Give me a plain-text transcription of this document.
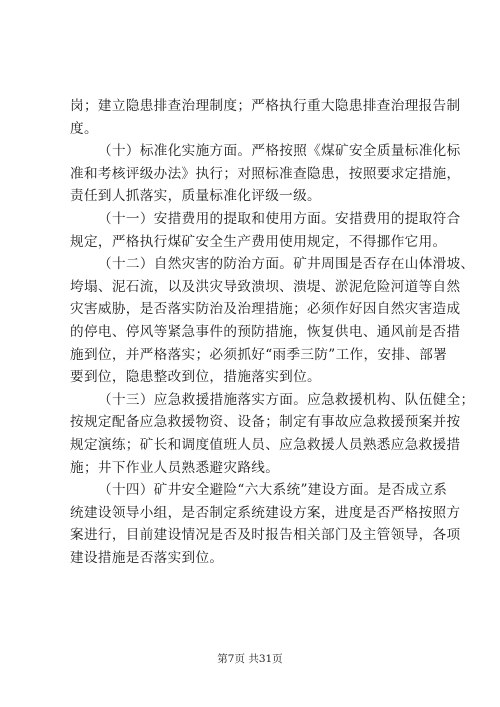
岗；建立隐患排查治理制度；严格执行重大隐患排查治理报告制
度。
（十）标准化实施方面。严格按照《煤矿安全质量标准化标
准和考核评级办法》执行；对照标准查隐患，按照要求定措施，
责任到人抓落实，质量标准化评级一级。
（十一）安措费用的提取和使用方面。安措费用的提取符合
规定，严格执行煤矿安全生产费用使用规定，不得挪作它用。
（十二）自然灾害的防治方面。矿井周围是否存在山体滑坡、
垮塌、泥石流，以及洪灾导致溃坝、溃堤、淤泥危险河道等自然
灾害威胁，是否落实防治及治理措施；必须作好因自然灾害造成
的停电、停风等紧急事件的预防措施，恢复供电、通风前是否措
施到位，并严格落实；必须抓好“雨季三防”工作，安排、部署
要到位，隐患整改到位，措施落实到位。
（十三）应急救援措施落实方面。应急救援机构、队伍健全；
按规定配备应急救援物资、设备；制定有事故应急救援预案并按
规定演练；矿长和调度值班人员、应急救援人员熟悉应急救援措
施；井下作业人员熟悉避灾路线。
（十四）矿井安全避险“六大系统”建设方面。是否成立系
统建设领导小组，是否制定系统建设方案，进度是否严格按照方
案进行，目前建设情况是否及时报告相关部门及主管领导，各项
建设措施是否落实到位。
第7页 共31页
